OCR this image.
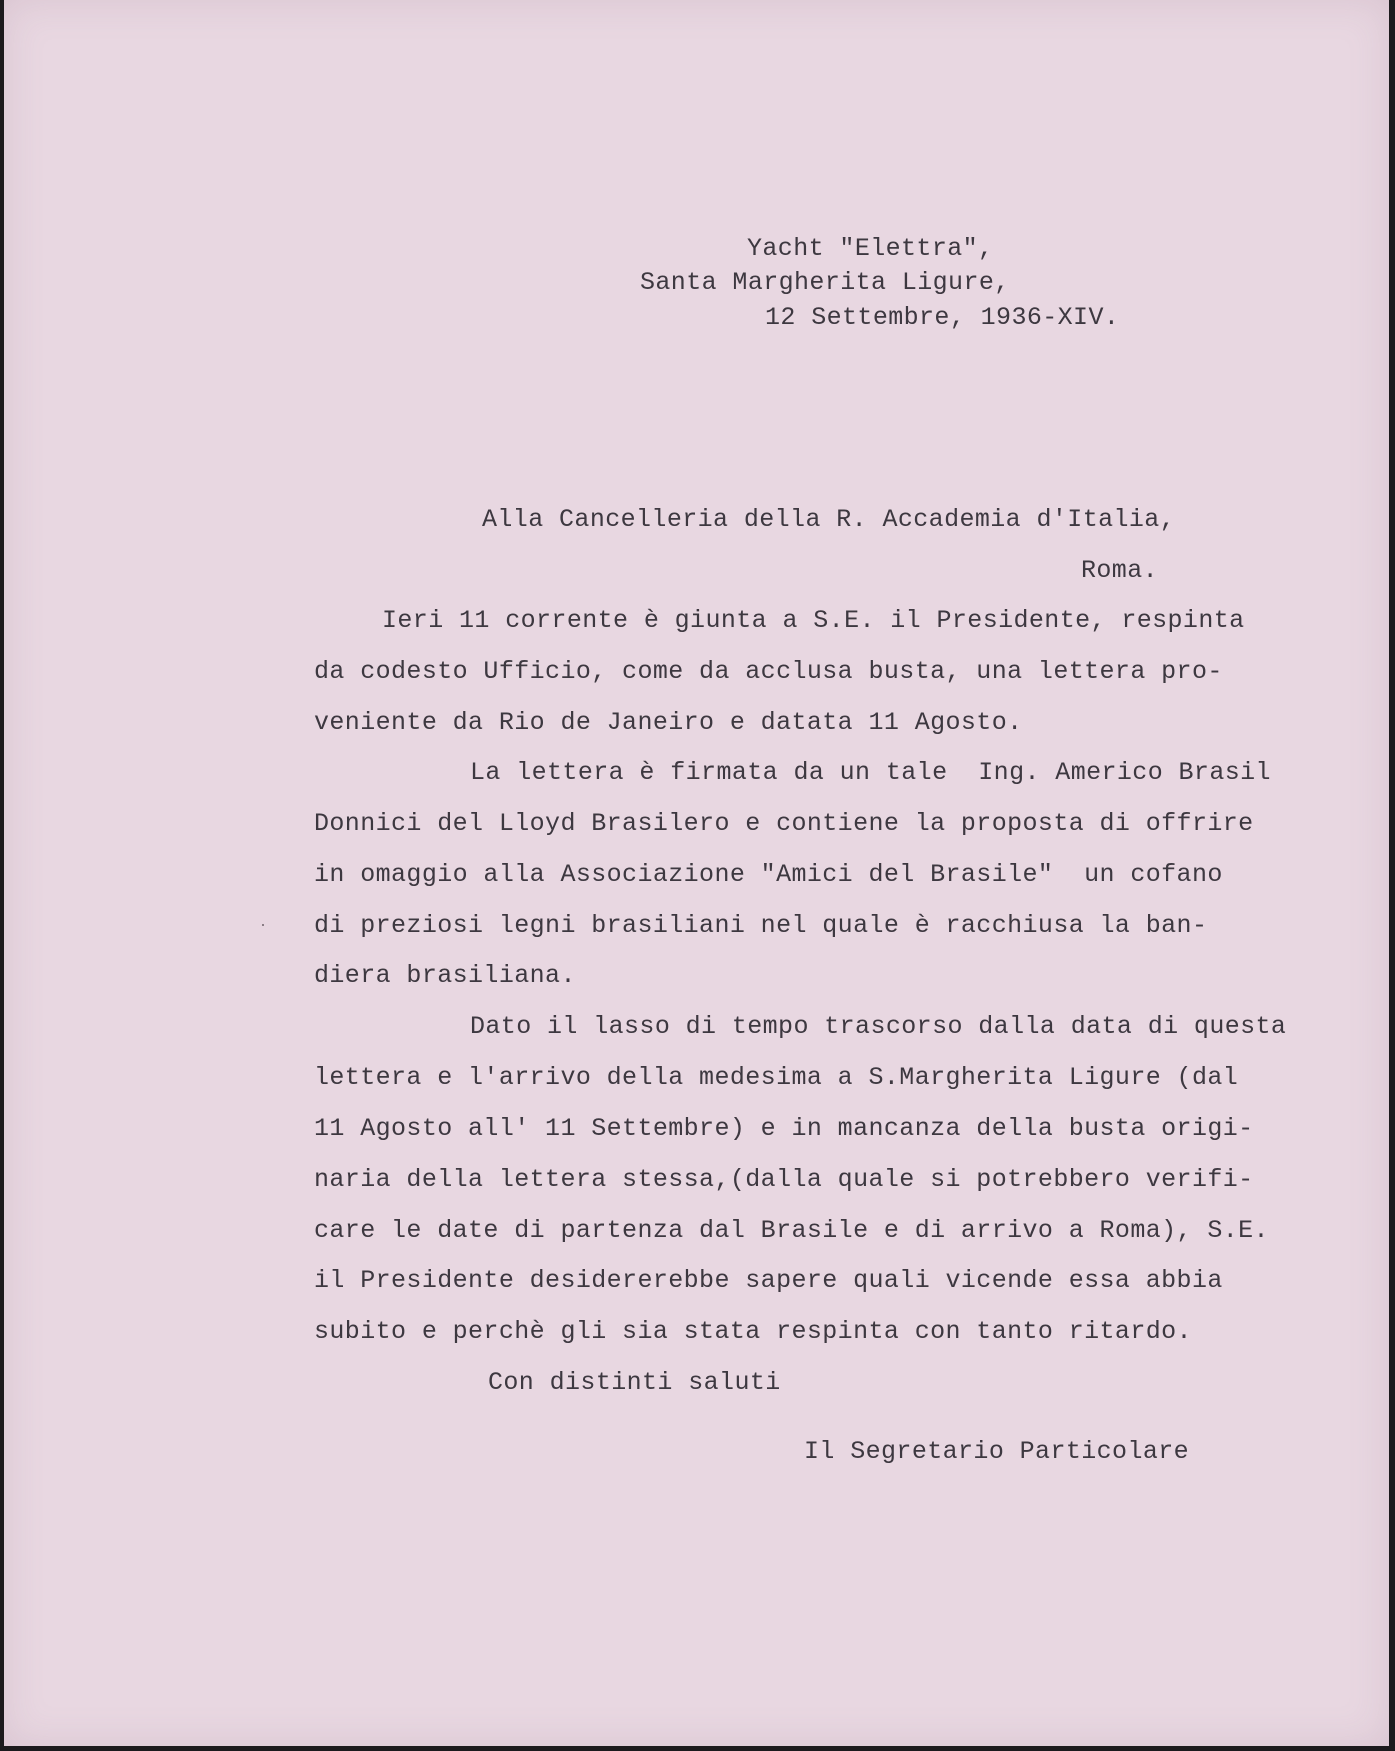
Yacht "Elettra",
Santa Margherita Ligure,
12 Settembre, 1936-XIV.
Alla Cancelleria della R. Accademia d'Italia,
Roma.
Ieri 11 corrente è giunta a S.E. il Presidente, respinta
da codesto Ufficio, come da acclusa busta, una lettera pro-
veniente da Rio de Janeiro e datata 11 Agosto.
La lettera è firmata da un tale  Ing. Americo Brasil
Donnici del Lloyd Brasilero e contiene la proposta di offrire
in omaggio alla Associazione "Amici del Brasile"  un cofano
di preziosi legni brasiliani nel quale è racchiusa la ban-
diera brasiliana.
Dato il lasso di tempo trascorso dalla data di questa
lettera e l'arrivo della medesima a S.Margherita Ligure (dal
11 Agosto all' 11 Settembre) e in mancanza della busta origi-
naria della lettera stessa,(dalla quale si potrebbero verifi-
care le date di partenza dal Brasile e di arrivo a Roma), S.E.
il Presidente desidererebbe sapere quali vicende essa abbia
subito e perchè gli sia stata respinta con tanto ritardo.
Con distinti saluti
Il Segretario Particolare
